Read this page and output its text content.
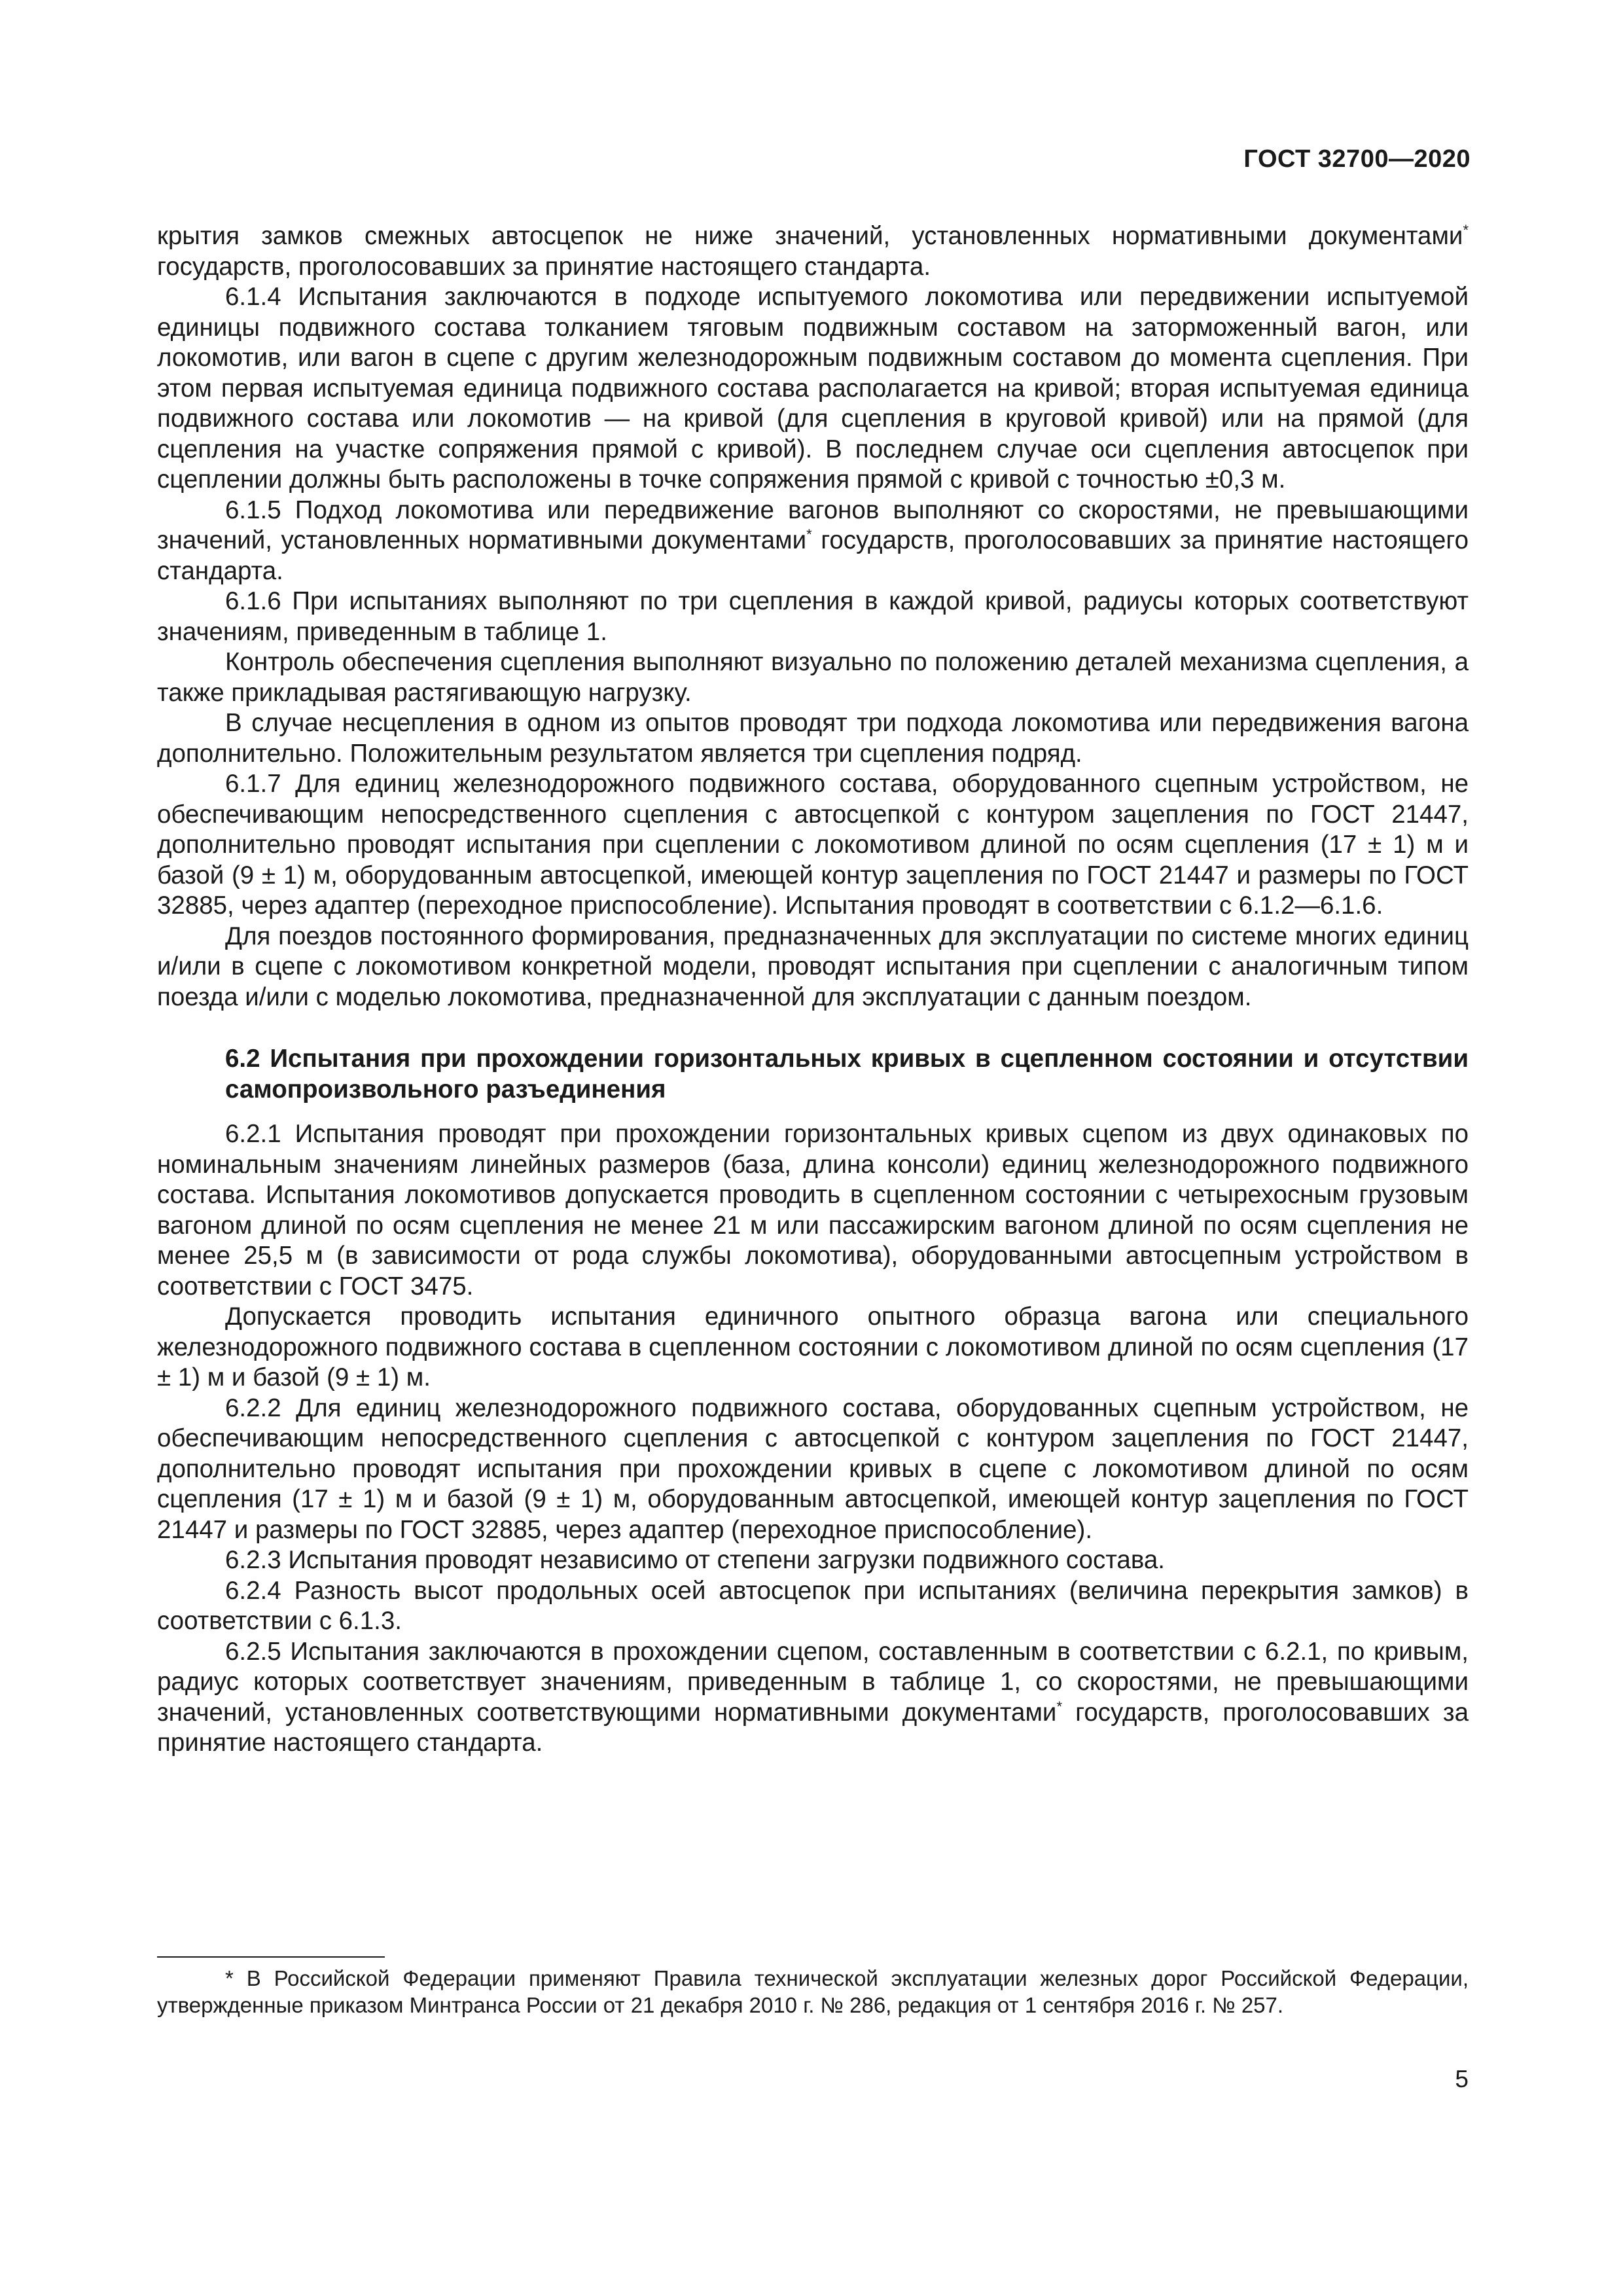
ГОСТ 32700—2020

крытия замков смежных автосцепок не ниже значений, установленных нормативными документами* государств, проголосовавших за принятие настоящего стандарта.

6.1.4 Испытания заключаются в подходе испытуемого локомотива или передвижении испытуемой единицы подвижного состава толканием тяговым подвижным составом на заторможенный вагон, или локомотив, или вагон в сцепе с другим железнодорожным подвижным составом до момента сцепления. При этом первая испытуемая единица подвижного состава располагается на кривой; вторая испытуемая единица подвижного состава или локомотив — на кривой (для сцепления в круговой кривой) или на прямой (для сцепления на участке сопряжения прямой с кривой). В последнем случае оси сцепления автосцепок при сцеплении должны быть расположены в точке сопряжения прямой с кривой с точностью ±0,3 м.

6.1.5 Подход локомотива или передвижение вагонов выполняют со скоростями, не превышающими значений, установленных нормативными документами* государств, проголосовавших за принятие настоящего стандарта.

6.1.6 При испытаниях выполняют по три сцепления в каждой кривой, радиусы которых соответствуют значениям, приведенным в таблице 1.

Контроль обеспечения сцепления выполняют визуально по положению деталей механизма сцепления, а также прикладывая растягивающую нагрузку.

В случае несцепления в одном из опытов проводят три подхода локомотива или передвижения вагона дополнительно. Положительным результатом является три сцепления подряд.

6.1.7 Для единиц железнодорожного подвижного состава, оборудованного сцепным устройством, не обеспечивающим непосредственного сцепления с автосцепкой с контуром зацепления по ГОСТ 21447, дополнительно проводят испытания при сцеплении с локомотивом длиной по осям сцепления (17 ± 1) м и базой (9 ± 1) м, оборудованным автосцепкой, имеющей контур зацепления по ГОСТ 21447 и размеры по ГОСТ 32885, через адаптер (переходное приспособление). Испытания проводят в соответствии с 6.1.2—6.1.6.

Для поездов постоянного формирования, предназначенных для эксплуатации по системе многих единиц и/или в сцепе с локомотивом конкретной модели, проводят испытания при сцеплении с аналогичным типом поезда и/или с моделью локомотива, предназначенной для эксплуатации с данным поездом.

6.2 Испытания при прохождении горизонтальных кривых в сцепленном состоянии и отсутствии самопроизвольного разъединения

6.2.1 Испытания проводят при прохождении горизонтальных кривых сцепом из двух одинаковых по номинальным значениям линейных размеров (база, длина консоли) единиц железнодорожного подвижного состава. Испытания локомотивов допускается проводить в сцепленном состоянии с четырехосным грузовым вагоном длиной по осям сцепления не менее 21 м или пассажирским вагоном длиной по осям сцепления не менее 25,5 м (в зависимости от рода службы локомотива), оборудованными автосцепным устройством в соответствии с ГОСТ 3475.

Допускается проводить испытания единичного опытного образца вагона или специального железнодорожного подвижного состава в сцепленном состоянии с локомотивом длиной по осям сцепления (17 ± 1) м и базой (9 ± 1) м.

6.2.2 Для единиц железнодорожного подвижного состава, оборудованных сцепным устройством, не обеспечивающим непосредственного сцепления с автосцепкой с контуром зацепления по ГОСТ 21447, дополнительно проводят испытания при прохождении кривых в сцепе с локомотивом длиной по осям сцепления (17 ± 1) м и базой (9 ± 1) м, оборудованным автосцепкой, имеющей контур зацепления по ГОСТ 21447 и размеры по ГОСТ 32885, через адаптер (переходное приспособление).

6.2.3 Испытания проводят независимо от степени загрузки подвижного состава.

6.2.4 Разность высот продольных осей автосцепок при испытаниях (величина перекрытия замков) в соответствии с 6.1.3.

6.2.5 Испытания заключаются в прохождении сцепом, составленным в соответствии с 6.2.1, по кривым, радиус которых соответствует значениям, приведенным в таблице 1, со скоростями, не превышающими значений, установленных соответствующими нормативными документами* государств, проголосовавших за принятие настоящего стандарта.

* В Российской Федерации применяют Правила технической эксплуатации железных дорог Российской Федерации, утвержденные приказом Минтранса России от 21 декабря 2010 г. № 286, редакция от 1 сентября 2016 г. № 257.

5
